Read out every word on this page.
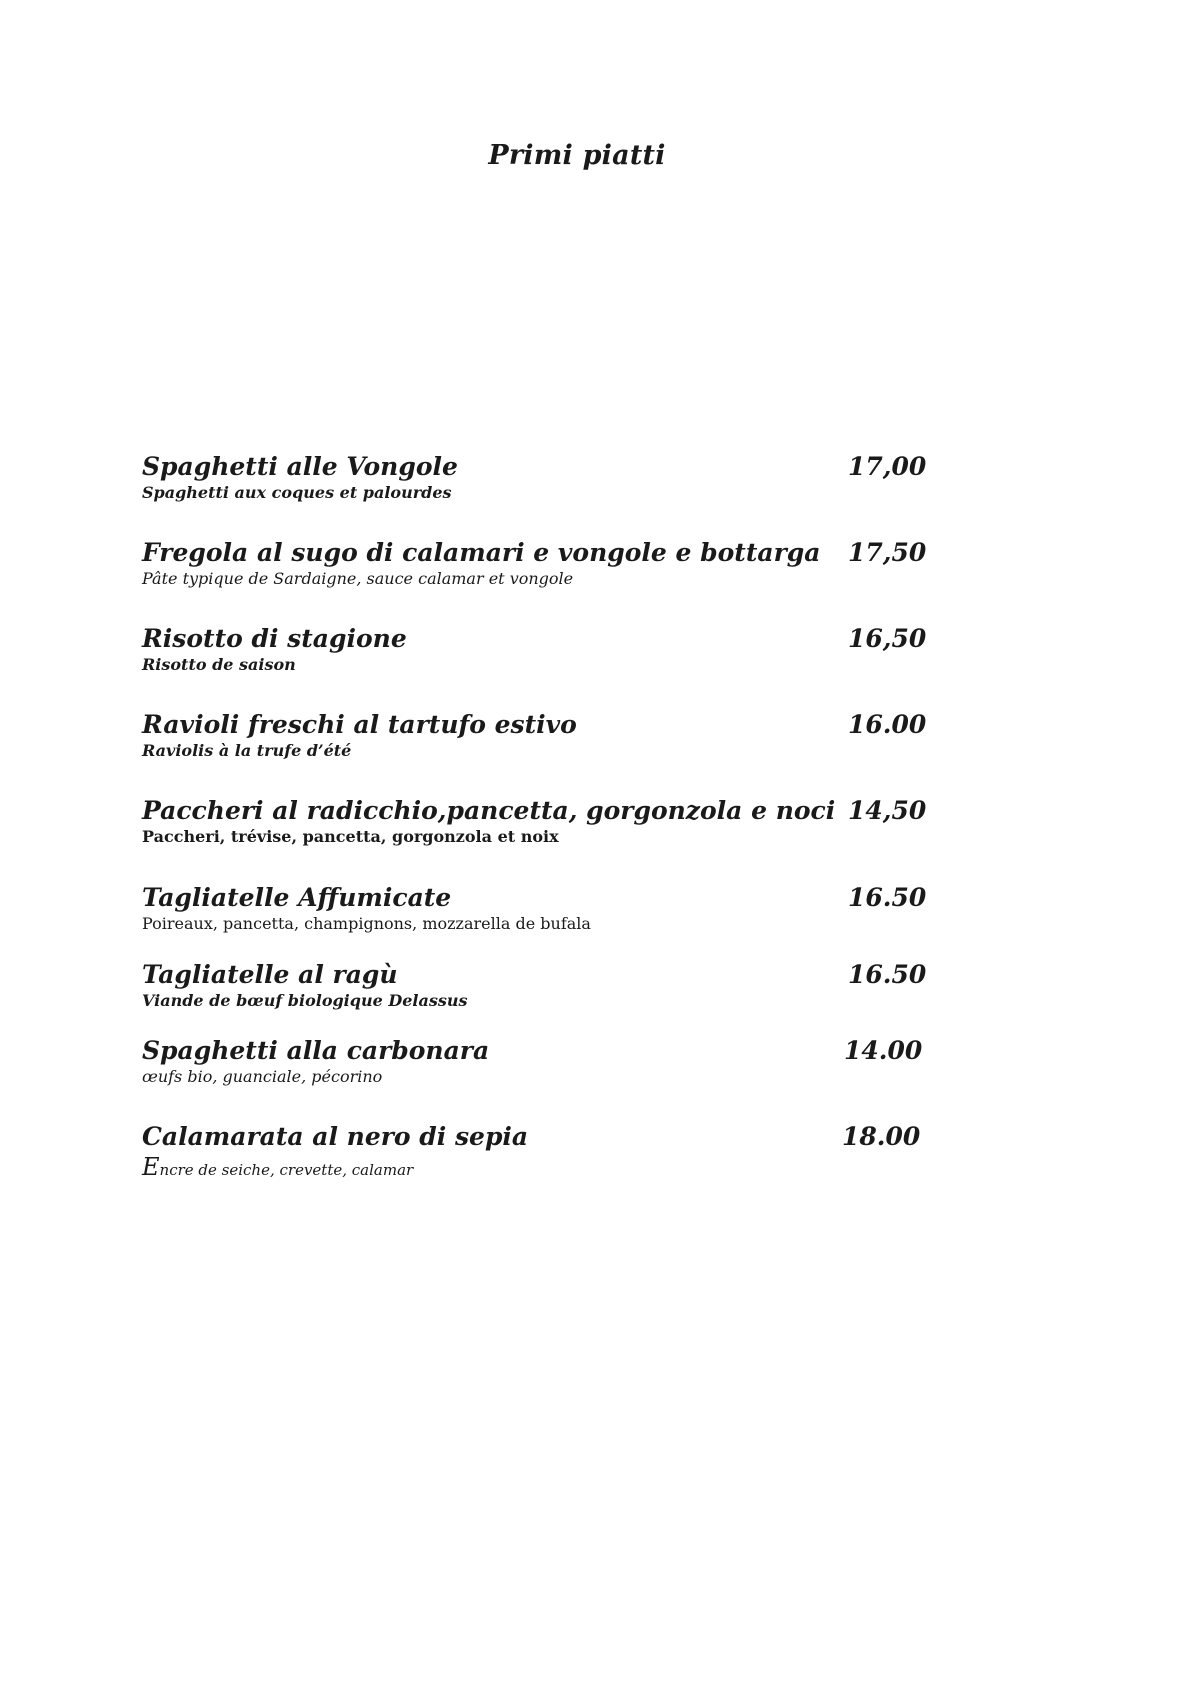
Primi piatti
Spaghetti alle Vongole
Spaghetti aux coques et palourdes
17,00
Fregola al sugo di calamari e vongole e bottarga
Pâte typique de Sardaigne, sauce calamar et vongole
17,50
Risotto di stagione
Risotto de saison
16,50
Ravioli freschi al tartufo estivo
Raviolis à la trufe d’été
16.00
Paccheri al radicchio,pancetta, gorgonzola e noci
Paccheri, trévise, pancetta, gorgonzola et noix
14,50
Tagliatelle Affumicate
Poireaux, pancetta, champignons, mozzarella de bufala
16.50
Tagliatelle al ragù
Viande de bœuf biologique Delassus
16.50
Spaghetti alla carbonara
œufs bio, guanciale, pécorino
14.00
Calamarata al nero di sepia
Encre de seiche, crevette, calamar
18.00
